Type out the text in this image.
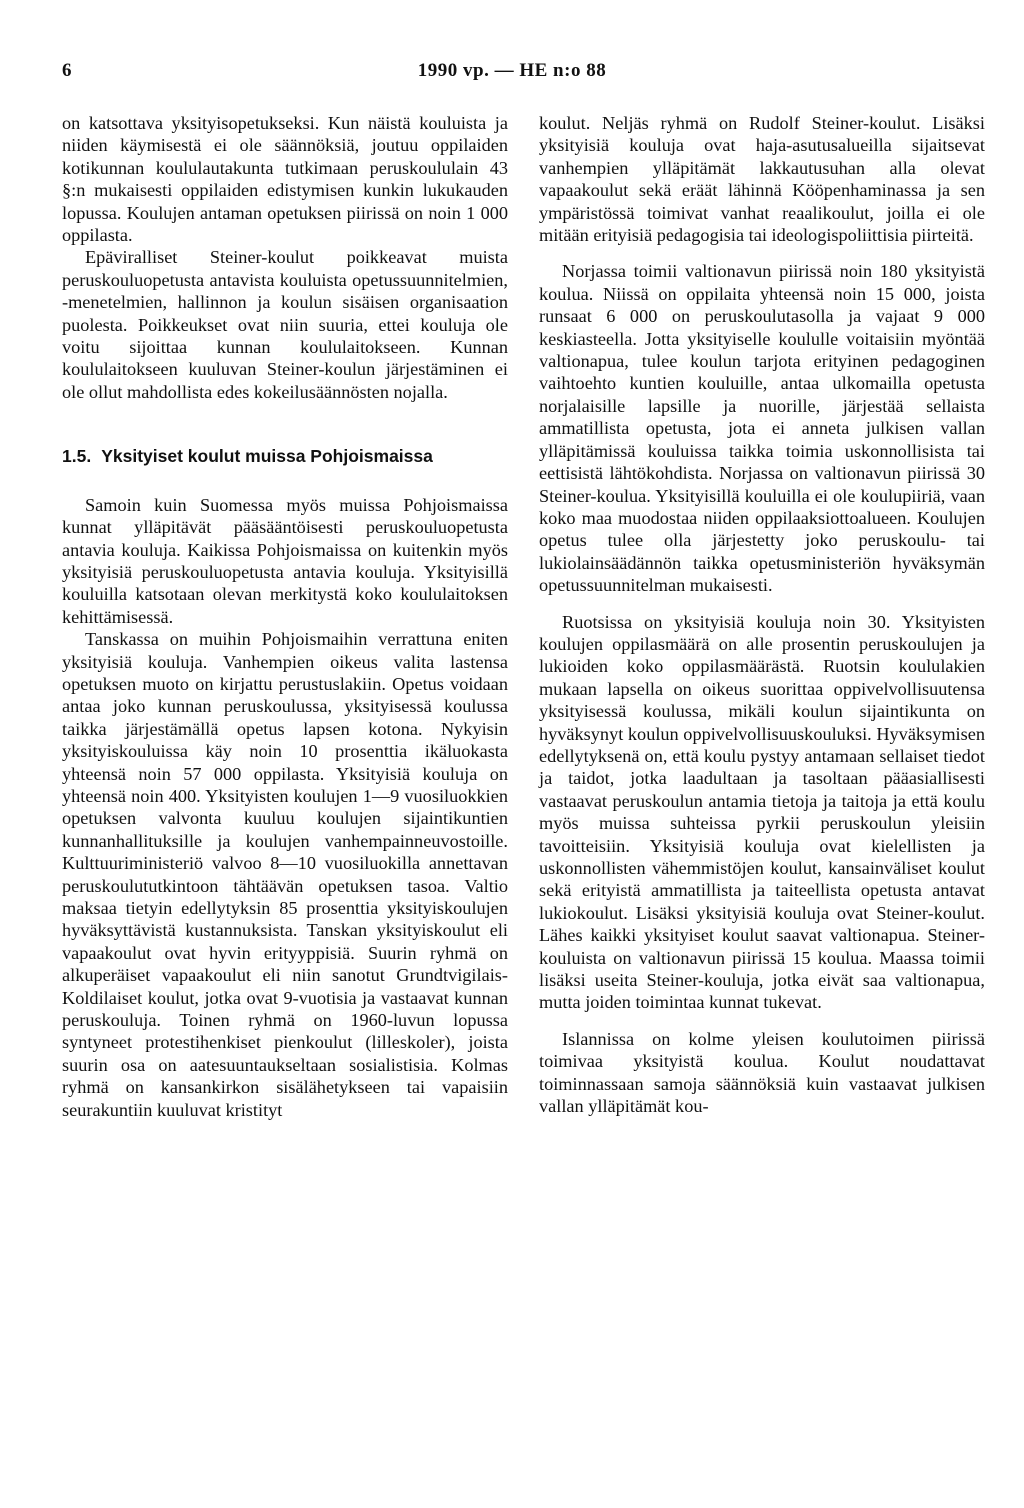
6	1990 vp. — HE n:o 88

on katsottava yksityisopetukseksi. Kun näistä kouluista ja niiden käymisestä ei ole säännöksiä, joutuu oppilaiden kotikunnan koululautakunta tutkimaan peruskoululain 43 §:n mukaisesti oppilaiden edistymisen kunkin lukukauden lopussa. Koulujen antaman opetuksen piirissä on noin 1 000 oppilasta.

Epäviralliset Steiner-koulut poikkeavat muista peruskouluopetusta antavista kouluista opetussuunnitelmien, -menetelmien, hallinnon ja koulun sisäisen organisaation puolesta. Poikkeukset ovat niin suuria, ettei kouluja ole voitu sijoittaa kunnan koululaitokseen. Kunnan koululaitokseen kuuluvan Steiner-koulun järjestäminen ei ole ollut mahdollista edes kokeilusäännösten nojalla.

1.5. Yksityiset koulut muissa Pohjoismaissa

Samoin kuin Suomessa myös muissa Pohjoismaissa kunnat ylläpitävät pääsääntöisesti peruskouluopetusta antavia kouluja. Kaikissa Pohjoismaissa on kuitenkin myös yksityisiä peruskouluopetusta antavia kouluja. Yksityisillä kouluilla katsotaan olevan merkitystä koko koululaitoksen kehittämisessä.

Tanskassa on muihin Pohjoismaihin verrattuna eniten yksityisiä kouluja. Vanhempien oikeus valita lastensa opetuksen muoto on kirjattu perustuslakiin. Opetus voidaan antaa joko kunnan peruskoulussa, yksityisessä koulussa taikka järjestämällä opetus lapsen kotona. Nykyisin yksityiskouluissa käy noin 10 prosenttia ikäluokasta yhteensä noin 57 000 oppilasta. Yksityisiä kouluja on yhteensä noin 400. Yksityisten koulujen 1—9 vuosiluokkien opetuksen valvonta kuuluu koulujen sijaintikuntien kunnanhallituksille ja koulujen vanhempainneuvostoille. Kulttuuriministeriö valvoo 8—10 vuosiluokilla annettavan peruskoulututkintoon tähtäävän opetuksen tasoa. Valtio maksaa tietyin edellytyksin 85 prosenttia yksityiskoulujen hyväksyttävistä kustannuksista. Tanskan yksityiskoulut eli vapaakoulut ovat hyvin erityyppisiä. Suurin ryhmä on alkuperäiset vapaakoulut eli niin sanotut Grundtvigilais-Koldilaiset koulut, jotka ovat 9-vuotisia ja vastaavat kunnan peruskouluja. Toinen ryhmä on 1960-luvun lopussa syntyneet protestihenkiset pienkoulut (lilleskoler), joista suurin osa on aatesuuntaukseltaan sosialistisia. Kolmas ryhmä on kansankirkon sisälähetykseen tai vapaisiin seurakuntiin kuuluvat kristityt

koulut. Neljäs ryhmä on Rudolf Steiner-koulut. Lisäksi yksityisiä kouluja ovat haja-asutusalueilla sijaitsevat vanhempien ylläpitämät lakkautusuhan alla olevat vapaakoulut sekä eräät lähinnä Kööpenhaminassa ja sen ympäristössä toimivat vanhat reaalikoulut, joilla ei ole mitään erityisiä pedagogisia tai ideologispoliittisia piirteitä.

Norjassa toimii valtionavun piirissä noin 180 yksityistä koulua. Niissä on oppilaita yhteensä noin 15 000, joista runsaat 6 000 on peruskoulutasolla ja vajaat 9 000 keskiasteella. Jotta yksityiselle koululle voitaisiin myöntää valtionapua, tulee koulun tarjota erityinen pedagoginen vaihtoehto kuntien kouluille, antaa ulkomailla opetusta norjalaisille lapsille ja nuorille, järjestää sellaista ammatillista opetusta, jota ei anneta julkisen vallan ylläpitämissä kouluissa taikka toimia uskonnollisista tai eettisistä lähtökohdista. Norjassa on valtionavun piirissä 30 Steiner-koulua. Yksityisillä kouluilla ei ole koulupiiriä, vaan koko maa muodostaa niiden oppilaaksiottoalueen. Koulujen opetus tulee olla järjestetty joko peruskoulu- tai lukiolainsäädännön taikka opetusministeriön hyväksymän opetussuunnitelman mukaisesti.

Ruotsissa on yksityisiä kouluja noin 30. Yksityisten koulujen oppilasmäärä on alle prosentin peruskoulujen ja lukioiden koko oppilasmäärästä. Ruotsin koululakien mukaan lapsella on oikeus suorittaa oppivelvollisuutensa yksityisessä koulussa, mikäli koulun sijaintikunta on hyväksynyt koulun oppivelvollisuuskouluksi. Hyväksymisen edellytyksenä on, että koulu pystyy antamaan sellaiset tiedot ja taidot, jotka laadultaan ja tasoltaan pääasiallisesti vastaavat peruskoulun antamia tietoja ja taitoja ja että koulu myös muissa suhteissa pyrkii peruskoulun yleisiin tavoitteisiin. Yksityisiä kouluja ovat kielellisten ja uskonnollisten vähemmistöjen koulut, kansainväliset koulut sekä erityistä ammatillista ja taiteellista opetusta antavat lukiokoulut. Lisäksi yksityisiä kouluja ovat Steiner-koulut. Lähes kaikki yksityiset koulut saavat valtionapua. Steiner-kouluista on valtionavun piirissä 15 koulua. Maassa toimii lisäksi useita Steiner-kouluja, jotka eivät saa valtionapua, mutta joiden toimintaa kunnat tukevat.

Islannissa on kolme yleisen koulutoimen piirissä toimivaa yksityistä koulua. Koulut noudattavat toiminnassaan samoja säännöksiä kuin vastaavat julkisen vallan ylläpitämät kou-
